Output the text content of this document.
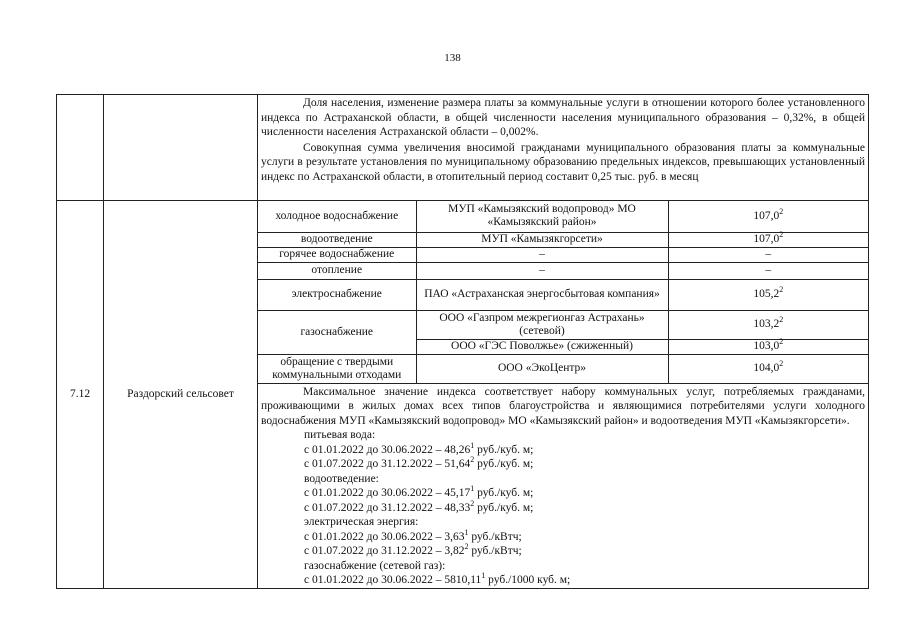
138

Доля населения, изменение размера платы за коммунальные услуги в отношении которого более установленного индекса по Астраханской области, в общей численности населения муниципального образования – 0,32%, в общей численности населения Астраханской области – 0,002%.
Совокупная сумма увеличения вносимой гражданами муниципального образования платы за коммунальные услуги в результате установления по муниципальному образованию предельных индексов, превышающих установленный индекс по Астраханской области, в отопительный период составит 0,25 тыс. руб. в месяц

7.12	Раздорский сельсовет	
холодное водоснабжение	МУП «Камызякский водопровод» МО «Камызякский район»	107,0$^2$
водоотведение	МУП «Камызякгорсети»	107,0$^2$
горячее водоснабжение	–	–
отопление	–	–
электроснабжение	ПАО «Астраханская энергосбытовая компания»	105,2$^2$
газоснабжение	ООО «Газпром межрегионгаз Астрахань» (сетевой)	103,2$^2$
ООО «ГЭС Поволжье» (сжиженный)	103,0$^2$
обращение с твердыми коммунальными отходами	ООО «ЭкоЦентр»	104,0$^2$
Максимальное значение индекса соответствует набору коммунальных услуг, потребляемых гражданами, проживающими в жилых домах всех типов благоустройства и являющимися потребителями услуги холодного водоснабжения МУП «Камызякский водопровод» МО «Камызякский район» и водоотведения МУП «Камызякгорсети».
питьевая вода:
с 01.01.2022 до 30.06.2022 – 48,26$^1$ руб./куб. м;
с 01.07.2022 до 31.12.2022 – 51,64$^2$ руб./куб. м;
водоотведение:
с 01.01.2022 до 30.06.2022 – 45,17$^1$ руб./куб. м;
с 01.07.2022 до 31.12.2022 – 48,33$^2$ руб./куб. м;
электрическая энергия:
с 01.01.2022 до 30.06.2022 – 3,63$^1$ руб./кВтч;
с 01.07.2022 до 31.12.2022 – 3,82$^2$ руб./кВтч;
газоснабжение (сетевой газ):
с 01.01.2022 до 30.06.2022 – 5810,11$^1$ руб./1000 куб. м;
